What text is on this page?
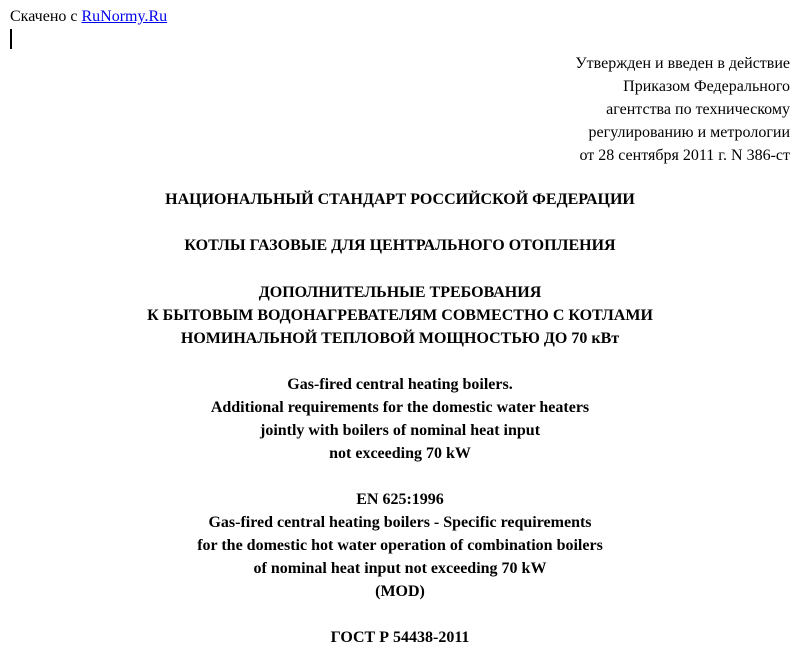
Скачено с RuNormy.Ru
Утвержден и введен в действие
Приказом Федерального
агентства по техническому
регулированию и метрологии
от 28 сентября 2011 г. N 386-ст
НАЦИОНАЛЬНЫЙ СТАНДАРТ РОССИЙСКОЙ ФЕДЕРАЦИИ
КОТЛЫ ГАЗОВЫЕ ДЛЯ ЦЕНТРАЛЬНОГО ОТОПЛЕНИЯ
ДОПОЛНИТЕЛЬНЫЕ ТРЕБОВАНИЯ
К БЫТОВЫМ ВОДОНАГРЕВАТЕЛЯМ СОВМЕСТНО С КОТЛАМИ
НОМИНАЛЬНОЙ ТЕПЛОВОЙ МОЩНОСТЬЮ ДО 70 кВт
Gas-fired central heating boilers.
Additional requirements for the domestic water heaters
jointly with boilers of nominal heat input
not exceeding 70 kW
EN 625:1996
Gas-fired central heating boilers - Specific requirements
for the domestic hot water operation of combination boilers
of nominal heat input not exceeding 70 kW
(MOD)
ГОСТ Р 54438-2011
